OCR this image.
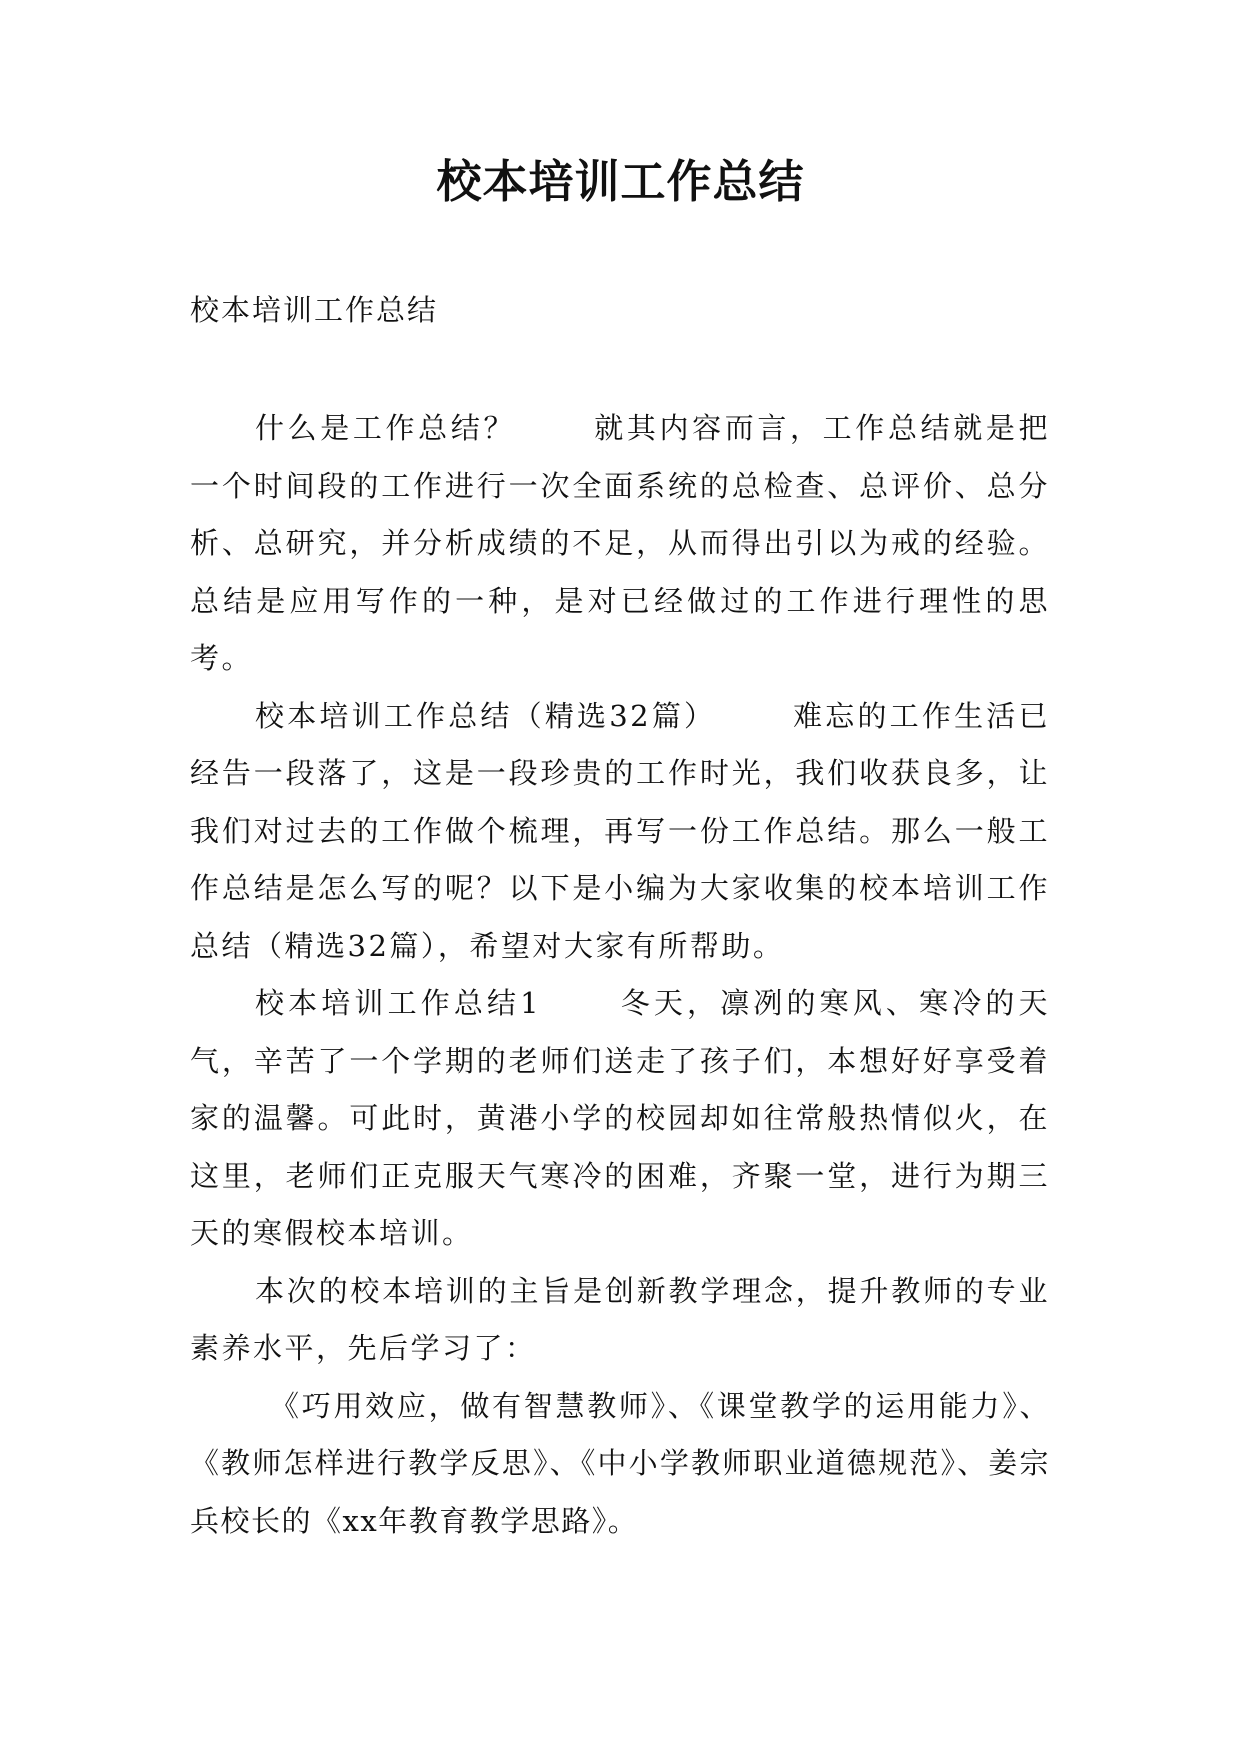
校本培训工作总结

校本培训工作总结

什么是工作总结？ 　　就其内容而言，工作总结就是把一个时间段的工作进行一次全面系统的总检查、总评价、总分析、总研究，并分析成绩的不足，从而得出引以为戒的经验。总结是应用写作的一种，是对已经做过的工作进行理性的思考。

校本培训工作总结（精选32篇） 　　难忘的工作生活已经告一段落了，这是一段珍贵的工作时光，我们收获良多，让我们对过去的工作做个梳理，再写一份工作总结。那么一般工作总结是怎么写的呢？以下是小编为大家收集的校本培训工作总结（精选32篇），希望对大家有所帮助。

校本培训工作总结1 　　冬天，凛冽的寒风、寒冷的天气，辛苦了一个学期的老师们送走了孩子们，本想好好享受着家的温馨。可此时，黄港小学的校园却如往常般热情似火，在这里，老师们正克服天气寒冷的困难，齐聚一堂，进行为期三天的寒假校本培训。

本次的校本培训的主旨是创新教学理念，提升教师的专业素养水平，先后学习了：

《巧用效应，做有智慧教师》、《课堂教学的运用能力》、《教师怎样进行教学反思》、《中小学教师职业道德规范》、姜宗兵校长的《xx年教育教学思路》。
